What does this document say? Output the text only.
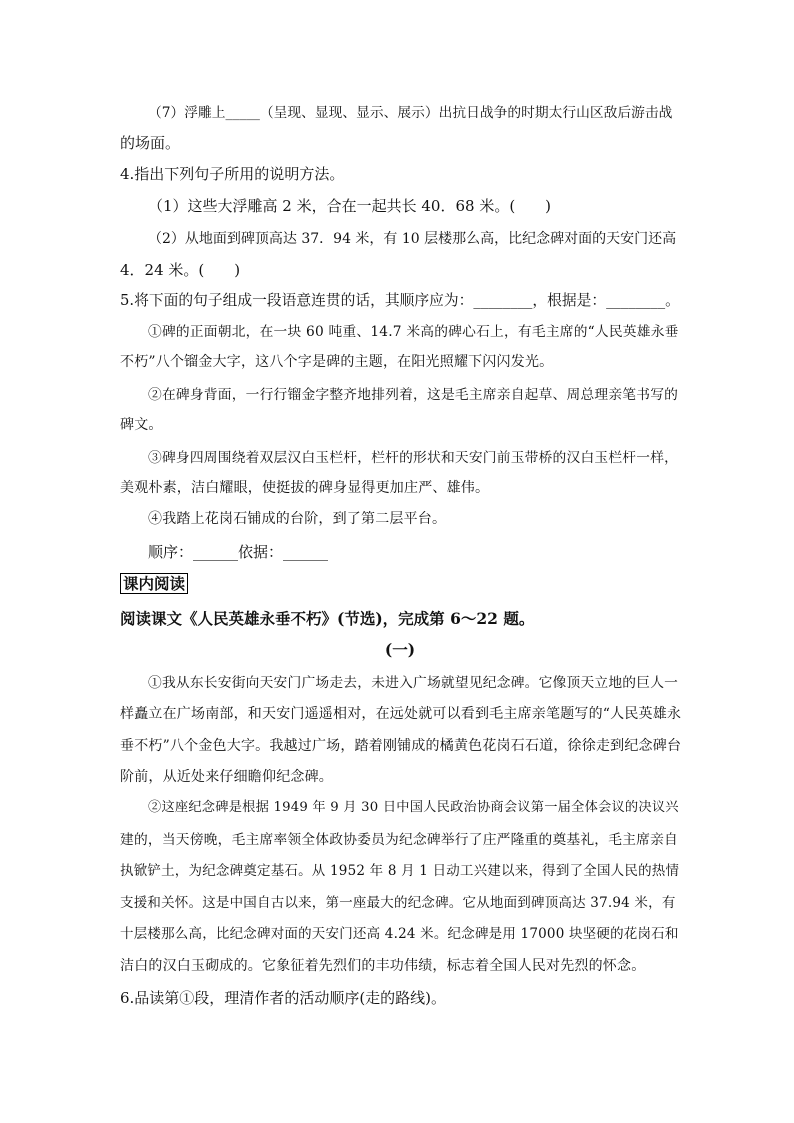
（7）浮雕上_____（呈现、显现、显示、展示）出抗日战争的时期太行山区敌后游击战
的场面。
4.指出下列句子所用的说明方法。
（1）这些大浮雕高 2 米，合在一起共长 40．68 米。(　　)
（2）从地面到碑顶高达 37．94 米，有 10 层楼那么高，比纪念碑对面的天安门还高
4．24 米。(　　)
5.将下面的句子组成一段语意连贯的话，其顺序应为：________，根据是：________。
①碑的正面朝北，在一块 60 吨重、14.7 米高的碑心石上，有毛主席的“人民英雄永垂
不朽”八个镏金大字，这八个字是碑的主题，在阳光照耀下闪闪发光。
②在碑身背面，一行行镏金字整齐地排列着，这是毛主席亲自起草、周总理亲笔书写的
碑文。
③碑身四周围绕着双层汉白玉栏杆，栏杆的形状和天安门前玉带桥的汉白玉栏杆一样，
美观朴素，洁白耀眼，使挺拔的碑身显得更加庄严、雄伟。
④我踏上花岗石铺成的台阶，到了第二层平台。
顺序：______依据：______
课内阅读
阅读课文《人民英雄永垂不朽》(节选)，完成第 6～22 题。
(一)
①我从东长安街向天安门广场走去，未进入广场就望见纪念碑。它像顶天立地的巨人一
样矗立在广场南部，和天安门遥遥相对，在远处就可以看到毛主席亲笔题写的“人民英雄永
垂不朽”八个金色大字。我越过广场，踏着刚铺成的橘黄色花岗石石道，徐徐走到纪念碑台
阶前，从近处来仔细瞻仰纪念碑。
②这座纪念碑是根据 1949 年 9 月 30 日中国人民政治协商会议第一届全体会议的决议兴
建的，当天傍晚，毛主席率领全体政协委员为纪念碑举行了庄严隆重的奠基礼，毛主席亲自
执锨铲土，为纪念碑奠定基石。从 1952 年 8 月 1 日动工兴建以来，得到了全国人民的热情
支援和关怀。这是中国自古以来，第一座最大的纪念碑。它从地面到碑顶高达 37.94 米，有
十层楼那么高，比纪念碑对面的天安门还高 4.24 米。纪念碑是用 17000 块坚硬的花岗石和
洁白的汉白玉砌成的。它象征着先烈们的丰功伟绩，标志着全国人民对先烈的怀念。
6.品读第①段，理清作者的活动顺序(走的路线)。
